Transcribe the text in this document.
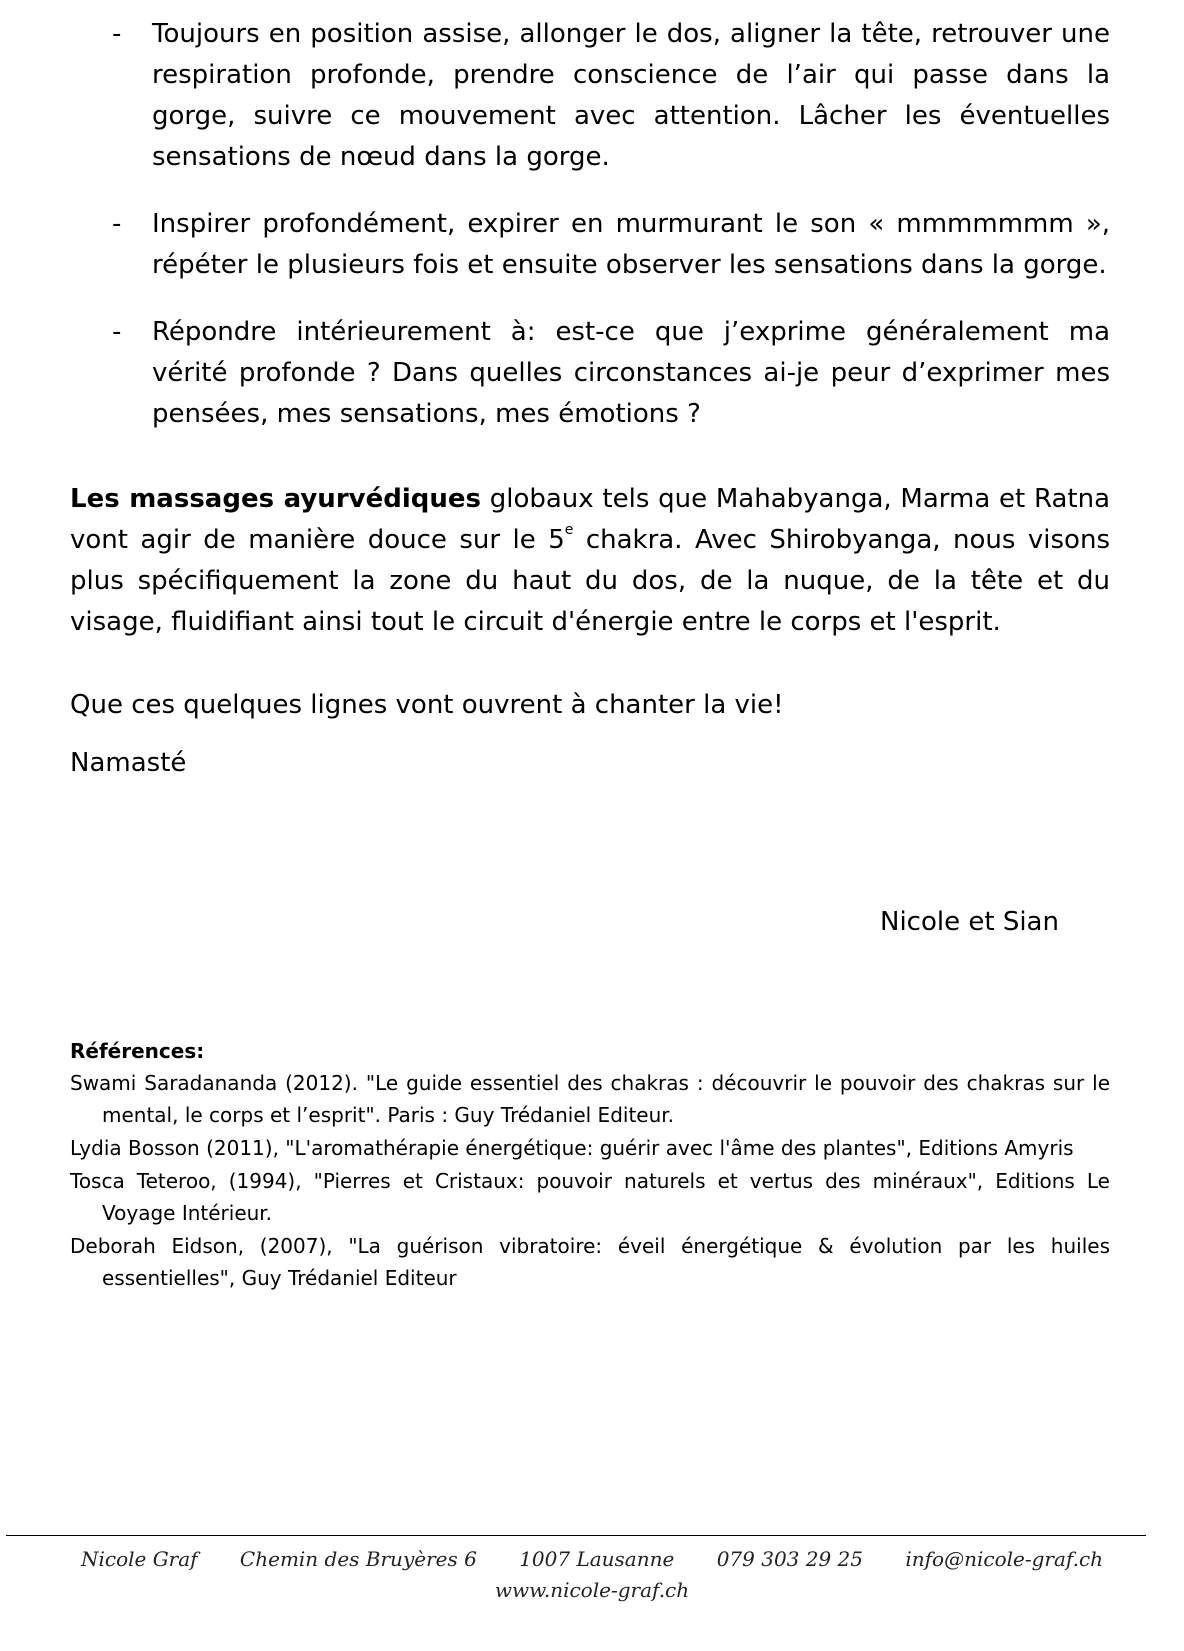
- Toujours en position assise, allonger le dos, aligner la tête, retrouver une respiration profonde, prendre conscience de l’air qui passe dans la gorge, suivre ce mouvement avec attention. Lâcher les éventuelles sensations de nœud dans la gorge.
- Inspirer profondément, expirer en murmurant le son « mmmmmmm », répéter le plusieurs fois et ensuite observer les sensations dans la gorge.
- Répondre intérieurement à: est-ce que j’exprime généralement ma vérité profonde ? Dans quelles circonstances ai-je peur d’exprimer mes pensées, mes sensations, mes émotions ?

Les massages ayurvédiques globaux tels que Mahabyanga, Marma et Ratna vont agir de manière douce sur le 5e chakra. Avec Shirobyanga, nous visons plus spécifiquement la zone du haut du dos, de la nuque, de la tête et du visage, fluidifiant ainsi tout le circuit d'énergie entre le corps et l'esprit.

Que ces quelques lignes vont ouvrent à chanter la vie!

Namasté

Nicole et Sian

Références:
Swami Saradananda (2012). "Le guide essentiel des chakras : découvrir le pouvoir des chakras sur le mental, le corps et l’esprit". Paris : Guy Trédaniel Editeur.
Lydia Bosson (2011), "L'aromathérapie énergétique: guérir avec l'âme des plantes", Editions Amyris
Tosca Teteroo, (1994), "Pierres et Cristaux: pouvoir naturels et vertus des minéraux", Editions Le Voyage Intérieur.
Deborah Eidson, (2007), "La guérison vibratoire: éveil énergétique & évolution par les huiles essentielles", Guy Trédaniel Editeur
Nicole Graf Chemin des Bruyères 6 1007 Lausanne 079 303 29 25 info@nicole-graf.ch
www.nicole-graf.ch
